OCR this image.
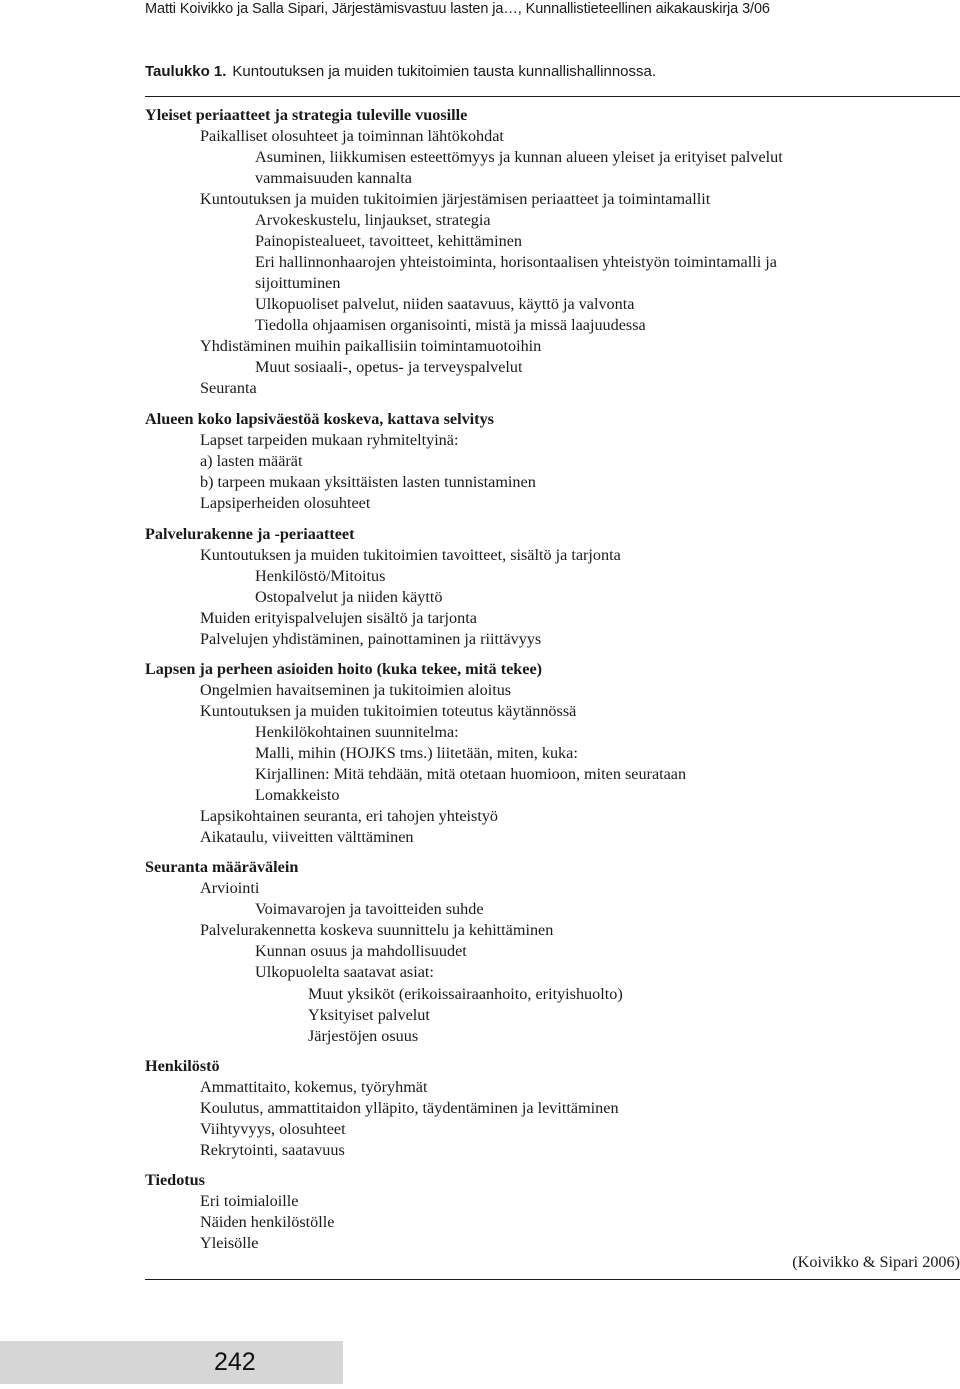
Matti Koivikko ja Salla Sipari, Järjestämisvastuu lasten ja…, Kunnallistieteellinen aikakauskirja 3/06
Taulukko 1. Kuntoutuksen ja muiden tukitoimien tausta kunnallishallinnossa.
Yleiset periaatteet ja strategia tuleville vuosille
Paikalliset olosuhteet ja toiminnan lähtökohdat
Asuminen, liikkumisen esteettömyys ja kunnan alueen yleiset ja erityiset palvelut
vammaisuuden kannalta
Kuntoutuksen ja muiden tukitoimien järjestämisen periaatteet ja toimintamallit
Arvokeskustelu, linjaukset, strategia
Painopistealueet, tavoitteet, kehittäminen
Eri hallinnonhaarojen yhteistoiminta, horisontaalisen yhteistyön toimintamalli ja
sijoittuminen
Ulkopuoliset palvelut, niiden saatavuus, käyttö ja valvonta
Tiedolla ohjaamisen organisointi, mistä ja missä laajuudessa
Yhdistäminen muihin paikallisiin toimintamuotoihin
Muut sosiaali-, opetus- ja terveyspalvelut
Seuranta
Alueen koko lapsiväestöä koskeva, kattava selvitys
Lapset tarpeiden mukaan ryhmiteltyinä:
a) lasten määrät
b) tarpeen mukaan yksittäisten lasten tunnistaminen
Lapsiperheiden olosuhteet
Palvelurakenne ja -periaatteet
Kuntoutuksen ja muiden tukitoimien tavoitteet, sisältö ja tarjonta
Henkilöstö/Mitoitus
Ostopalvelut ja niiden käyttö
Muiden erityispalvelujen sisältö ja tarjonta
Palvelujen yhdistäminen, painottaminen ja riittävyys
Lapsen ja perheen asioiden hoito (kuka tekee, mitä tekee)
Ongelmien havaitseminen ja tukitoimien aloitus
Kuntoutuksen ja muiden tukitoimien toteutus käytännössä
Henkilökohtainen suunnitelma:
Malli, mihin (HOJKS tms.) liitetään, miten, kuka:
Kirjallinen: Mitä tehdään, mitä otetaan huomioon, miten seurataan
Lomakkeisto
Lapsikohtainen seuranta, eri tahojen yhteistyö
Aikataulu, viiveitten välttäminen
Seuranta määrävälein
Arviointi
Voimavarojen ja tavoitteiden suhde
Palvelurakennetta koskeva suunnittelu ja kehittäminen
Kunnan osuus ja mahdollisuudet
Ulkopuolelta saatavat asiat:
Muut yksiköt (erikoissairaanhoito, erityishuolto)
Yksityiset palvelut
Järjestöjen osuus
Henkilöstö
Ammattitaito, kokemus, työryhmät
Koulutus, ammattitaidon ylläpito, täydentäminen ja levittäminen
Viihtyvyys, olosuhteet
Rekrytointi, saatavuus
Tiedotus
Eri toimialoille
Näiden henkilöstölle
Yleisölle
(Koivikko & Sipari 2006)
242
